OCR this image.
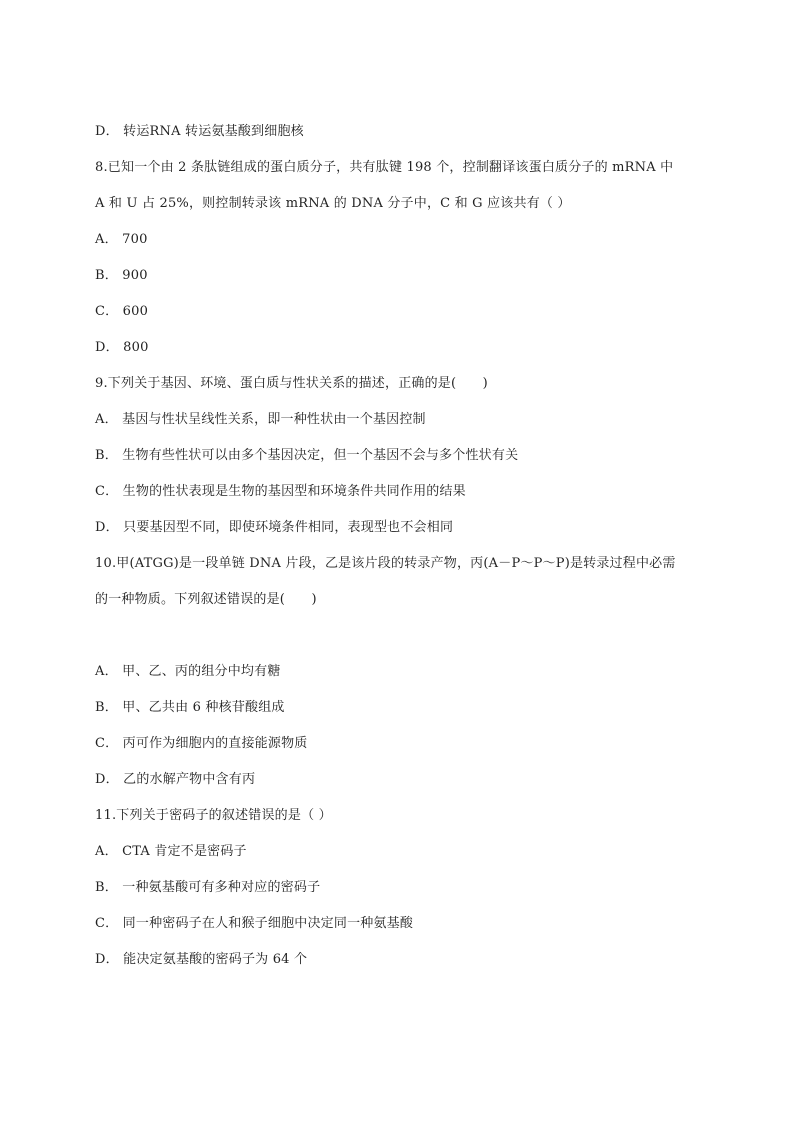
D． 转运RNA 转运氨基酸到细胞核
8.已知一个由 2 条肽链组成的蛋白质分子，共有肽键 198 个，控制翻译该蛋白质分子的 mRNA 中
A 和 U 占 25%，则控制转录该 mRNA 的 DNA 分子中，C 和 G 应该共有（ ）
A． 700
B． 900
C． 600
D． 800
9.下列关于基因、环境、蛋白质与性状关系的描述，正确的是(　　)
A． 基因与性状呈线性关系，即一种性状由一个基因控制
B． 生物有些性状可以由多个基因决定，但一个基因不会与多个性状有关
C． 生物的性状表现是生物的基因型和环境条件共同作用的结果
D． 只要基因型不同，即使环境条件相同，表现型也不会相同
10.甲(ATGG)是一段单链 DNA 片段，乙是该片段的转录产物，丙(A－P～P～P)是转录过程中必需
的一种物质。下列叙述错误的是(　　)
A． 甲、乙、丙的组分中均有糖
B． 甲、乙共由 6 种核苷酸组成
C． 丙可作为细胞内的直接能源物质
D． 乙的水解产物中含有丙
11.下列关于密码子的叙述错误的是（ ）
A． CTA 肯定不是密码子
B． 一种氨基酸可有多种对应的密码子
C． 同一种密码子在人和猴子细胞中决定同一种氨基酸
D． 能决定氨基酸的密码子为 64 个
